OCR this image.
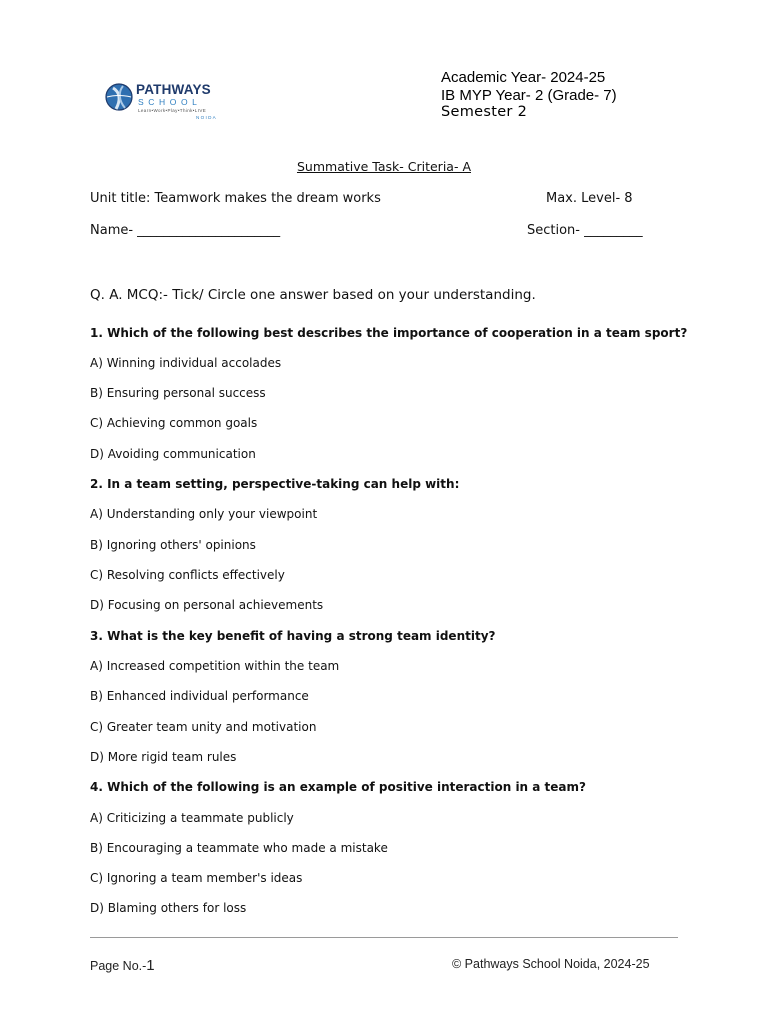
PATHWAYS
SCHOOL
Learn•Work•Play•Think•LIVE
NOIDA
Academic Year- 2024-25
IB MYP Year- 2 (Grade- 7)
Semester 2
Summative Task- Criteria- A
Unit title: Teamwork makes the dream works	Max. Level- 8
Name- ______________________	Section- _________
Q. A. MCQ:- Tick/ Circle one answer based on your understanding.
1. Which of the following best describes the importance of cooperation in a team sport?
A) Winning individual accolades
B) Ensuring personal success
C) Achieving common goals
D) Avoiding communication
2. In a team setting, perspective-taking can help with:
A) Understanding only your viewpoint
B) Ignoring others' opinions
C) Resolving conflicts effectively
D) Focusing on personal achievements
3. What is the key benefit of having a strong team identity?
A) Increased competition within the team
B) Enhanced individual performance
C) Greater team unity and motivation
D) More rigid team rules
4. Which of the following is an example of positive interaction in a team?
A) Criticizing a teammate publicly
B) Encouraging a teammate who made a mistake
C) Ignoring a team member's ideas
D) Blaming others for loss
Page No.-1	© Pathways School Noida, 2024-25
